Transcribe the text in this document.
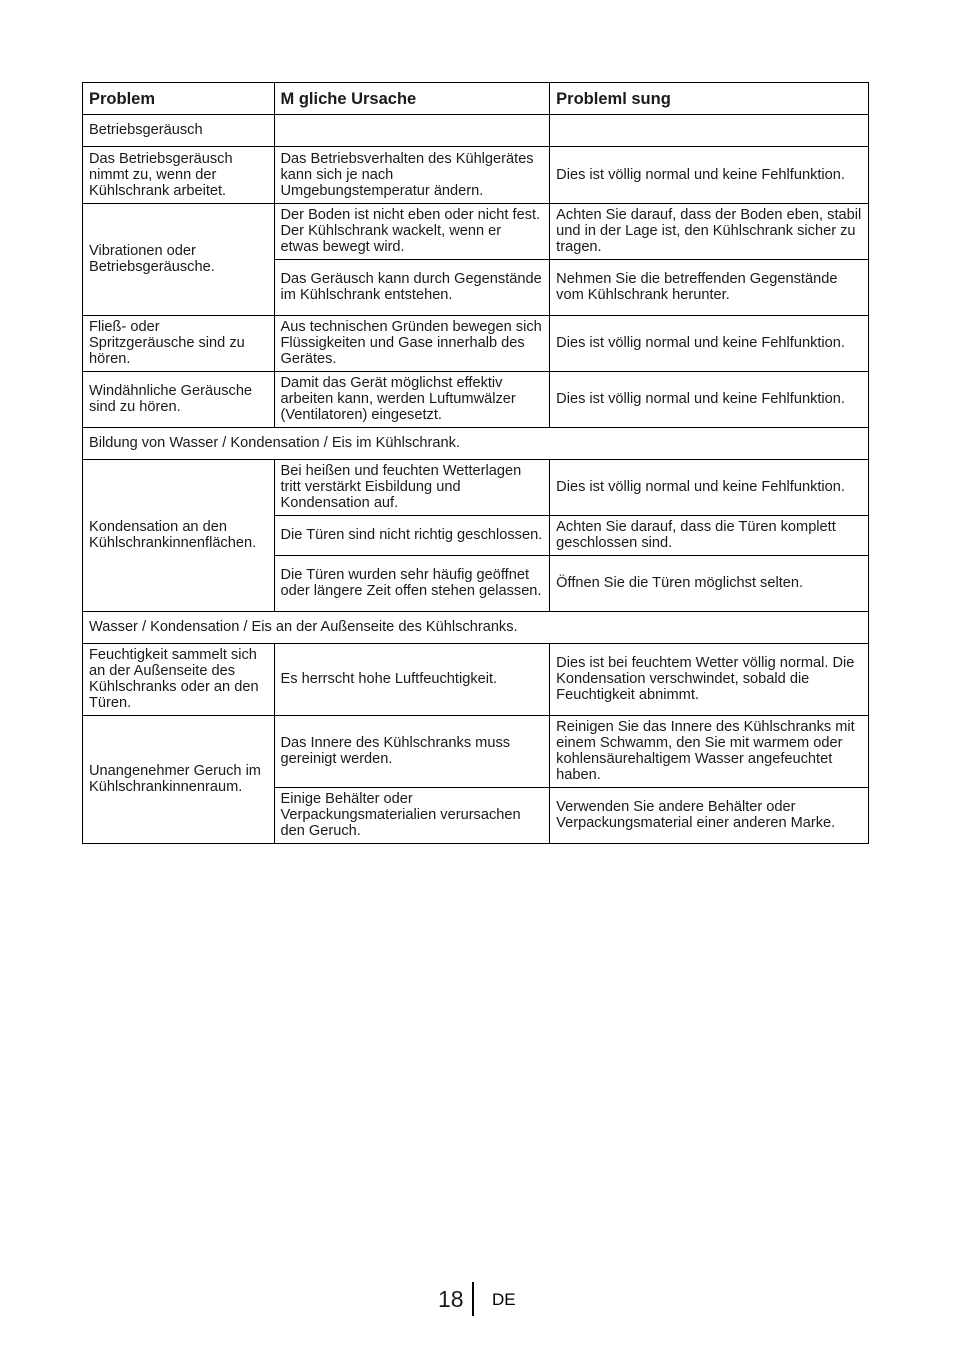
Problem	M gliche Ursache	Probleml sung
Betriebsgeräusch		
Das Betriebsgeräusch nimmt zu, wenn der Kühlschrank arbeitet.	Das Betriebsverhalten des Kühlgerätes kann sich je nach Umgebungstemperatur ändern.	Dies ist völlig normal und keine Fehlfunktion.
Vibrationen oder Betriebsgeräusche.	Der Boden ist nicht eben oder nicht fest. Der Kühlschrank wackelt, wenn er etwas bewegt wird.	Achten Sie darauf, dass der Boden eben, stabil und in der Lage ist, den Kühlschrank sicher zu tragen.
	Das Geräusch kann durch Gegenstände im Kühlschrank entstehen.	Nehmen Sie die betreffenden Gegenstände vom Kühlschrank herunter.
Fließ- oder Spritzgeräusche sind zu hören.	Aus technischen Gründen bewegen sich Flüssigkeiten und Gase innerhalb des Gerätes.	Dies ist völlig normal und keine Fehlfunktion.
Windähnliche Geräusche sind zu hören.	Damit das Gerät möglichst effektiv arbeiten kann, werden Luftumwälzer (Ventilatoren) eingesetzt.	Dies ist völlig normal und keine Fehlfunktion.
Bildung von Wasser / Kondensation / Eis im Kühlschrank.		
Kondensation an den Kühlschrankinnenflächen.	Bei heißen und feuchten Wetterlagen tritt verstärkt Eisbildung und Kondensation auf.	Dies ist völlig normal und keine Fehlfunktion.
	Die Türen sind nicht richtig geschlossen.	Achten Sie darauf, dass die Türen komplett geschlossen sind.
	Die Türen wurden sehr häufig geöffnet oder längere Zeit offen stehen gelassen.	Öffnen Sie die Türen möglichst selten.
Wasser / Kondensation / Eis an der Außenseite des Kühlschranks.		
Feuchtigkeit sammelt sich an der Außenseite des Kühlschranks oder an den Türen.	Es herrscht hohe Luftfeuchtigkeit.	Dies ist bei feuchtem Wetter völlig normal. Die Kondensation verschwindet, sobald die Feuchtigkeit abnimmt.
Unangenehmer Geruch im Kühlschrankinnenraum.	Das Innere des Kühlschranks muss gereinigt werden.	Reinigen Sie das Innere des Kühlschranks mit einem Schwamm, den Sie mit warmem oder kohlensäurehaltigem Wasser angefeuchtet haben.
	Einige Behälter oder Verpackungsmaterialien verursachen den Geruch.	Verwenden Sie andere Behälter oder Verpackungsmaterial einer anderen Marke.
18 DE
